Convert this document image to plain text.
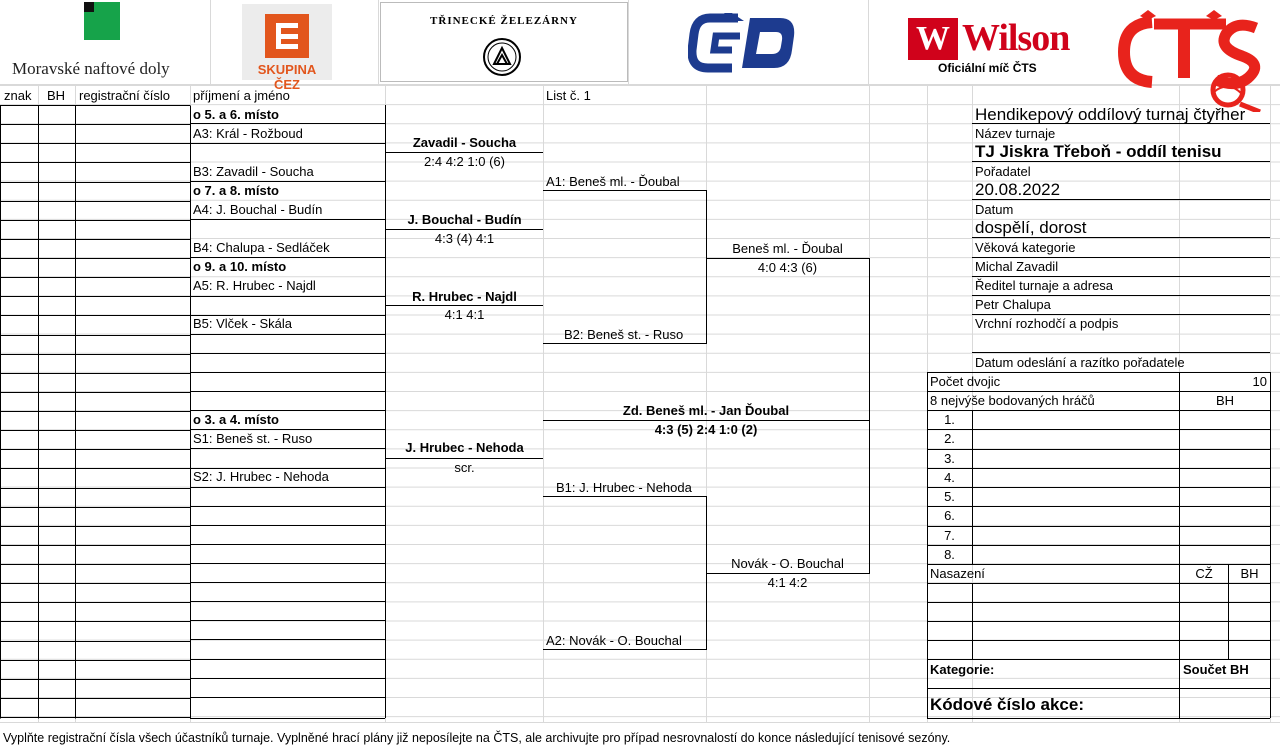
Moravské naftové doly	SKUPINA ČEZ
TŘINECKÉ ŽELEZÁRNY	W Wilson
Oficiální míč ČTS
znak BH registrační číslo příjmení a jméno	List č. 1
o 5. a 6. místo
A3: Král - Rožboud
B3: Zavadil - Soucha
o 7. a 8. místo
A4: J. Bouchal - Budín
B4: Chalupa - Sedláček
o 9. a 10. místo
A5: R. Hrubec - Najdl
B5: Vlček - Skála
o 3. a 4. místo
S1: Beneš st. - Ruso
S2: J. Hrubec - Nehoda
Zavadil - Soucha
2:4 4:2 1:0 (6)
J. Bouchal - Budín
4:3 (4) 4:1
R. Hrubec - Najdl
4:1 4:1
J. Hrubec - Nehoda
scr.
A1: Beneš ml. - Ďoubal
B2: Beneš st. - Ruso
B1: J. Hrubec - Nehoda
A2: Novák - O. Bouchal
Beneš ml. - Ďoubal
4:0 4:3 (6)
Novák - O. Bouchal
4:1 4:2
Zd. Beneš ml. - Jan Ďoubal
4:3 (5) 2:4 1:0 (2)
Hendikepový oddílový turnaj čtyřher
Název turnaje
TJ Jiskra Třeboň - oddíl tenisu
Pořadatel
20.08.2022
Datum
dospělí, dorost
Věková kategorie
Michal Zavadil
Ředitel turnaje a adresa
Petr Chalupa
Vrchní rozhodčí a podpis
Datum odeslání a razítko pořadatele
Počet dvojic	10
8 nejvýše bodovaných hráčů	BH
1.
2.
3.
4.
5.
6.
7.
8.
Nasazení	CŽ	BH
Kategorie:	Součet BH
Kódové číslo akce:
Vyplňte registrační čísla všech účastníků turnaje. Vyplněné hrací plány již neposílejte na ČTS, ale archivujte pro případ nesrovnalostí do konce následující tenisové sezóny.
